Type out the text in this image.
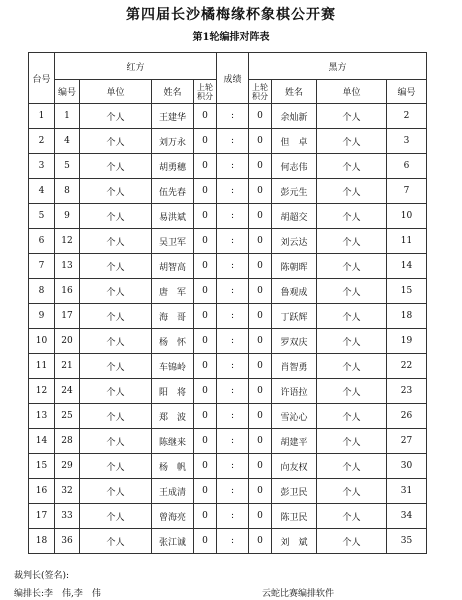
第四届长沙橘梅缘杯象棋公开赛
第1轮编排对阵表
台号	红方				成绩	黑方			
	编号	单位	姓名	上轮积分		上轮积分	姓名	单位	编号
1	1	个人	王建华	0	:	0	余灿新	个人	2
2	4	个人	刘万永	0	:	0	但　卓	个人	3
3	5	个人	胡勇穗	0	:	0	何志伟	个人	6
4	8	个人	伍先春	0	:	0	彭元生	个人	7
5	9	个人	易洪斌	0	:	0	胡超交	个人	10
6	12	个人	吴卫军	0	:	0	刘云达	个人	11
7	13	个人	胡智高	0	:	0	陈朝晖	个人	14
8	16	个人	唐　军	0	:	0	鲁观成	个人	15
9	17	个人	海　哥	0	:	0	丁跃辉	个人	18
10	20	个人	杨　怀	0	:	0	罗双庆	个人	19
11	21	个人	车锦岭	0	:	0	肖智勇	个人	22
12	24	个人	阳　将	0	:	0	许语拉	个人	23
13	25	个人	郑　波	0	:	0	雪沁心	个人	26
14	28	个人	陈继来	0	:	0	胡建平	个人	27
15	29	个人	杨　帆	0	:	0	向友权	个人	30
16	32	个人	王成清	0	:	0	彭卫民	个人	31
17	33	个人	曾海亮	0	:	0	陈卫民	个人	34
18	36	个人	张江诚	0	:	0	刘　斌	个人	35
裁判长(签名):
编排长:李　伟,李　伟	云蛇比赛编排软件
